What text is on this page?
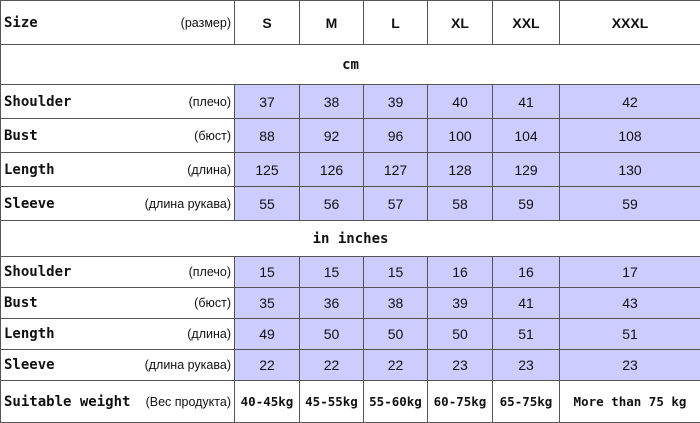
Size (размер)	S	M	L	XL	XXL	XXXL
cm						

Shoulder (плечо)	37	38	39	40	41	42

Bust (бюст)	88	92	96	100	104	108

Length (длина)	125	126	127	128	129	130

Sleeve (длина рукава)	55	56	57	58	59	59
in inches						

Shoulder (плечо)	15	15	15	16	16	17

Bust (бюст)	35	36	38	39	41	43

Length (длина)	49	50	50	50	51	51

Sleeve (длина рукава)	22	22	22	23	23	23

Suitable weight (Вес продукта)	40-45kg	45-55kg	55-60kg	60-75kg	65-75kg	More than 75 kg
